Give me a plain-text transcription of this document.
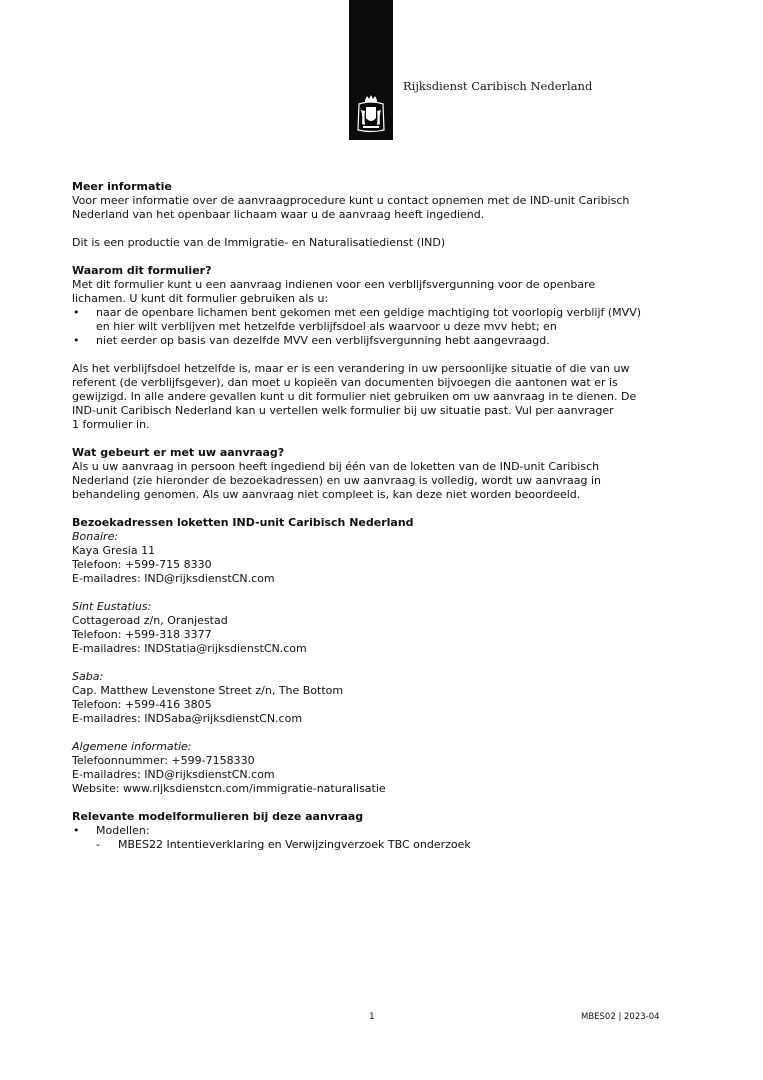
Rijksdienst Caribisch Nederland

Meer informatie

Voor meer informatie over de aanvraagprocedure kunt u contact opnemen met de IND-unit Caribisch

Nederland van het openbaar lichaam waar u de aanvraag heeft ingediend.

Dit is een productie van de Immigratie- en Naturalisatiedienst (IND)

Waarom dit formulier?

Met dit formulier kunt u een aanvraag indienen voor een verblijfsvergunning voor de openbare

lichamen. U kunt dit formulier gebruiken als u:

• naar de openbare lichamen bent gekomen met een geldige machtiging tot voorlopig verblijf (MVV)

en hier wilt verblijven met hetzelfde verblijfsdoel als waarvoor u deze mvv hebt; en

• niet eerder op basis van dezelfde MVV een verblijfsvergunning hebt aangevraagd.

Als het verblijfsdoel hetzelfde is, maar er is een verandering in uw persoonlijke situatie of die van uw

referent (de verblijfsgever), dan moet u kopieën van documenten bijvoegen die aantonen wat er is

gewijzigd. In alle andere gevallen kunt u dit formulier niet gebruiken om uw aanvraag in te dienen. De

IND-unit Caribisch Nederland kan u vertellen welk formulier bij uw situatie past. Vul per aanvrager

1 formulier in.

Wat gebeurt er met uw aanvraag?

Als u uw aanvraag in persoon heeft ingediend bij één van de loketten van de IND-unit Caribisch

Nederland (zie hieronder de bezoekadressen) en uw aanvraag is volledig, wordt uw aanvraag in

behandeling genomen. Als uw aanvraag niet compleet is, kan deze niet worden beoordeeld.

Bezoekadressen loketten IND-unit Caribisch Nederland

Bonaire:

Kaya Gresia 11

Telefoon: +599-715 8330

E-mailadres: IND@rijksdienstCN.com

Sint Eustatius:

Cottageroad z/n, Oranjestad

Telefoon: +599-318 3377

E-mailadres: INDStatia@rijksdienstCN.com

Saba:

Cap. Matthew Levenstone Street z/n, The Bottom

Telefoon: +599-416 3805

E-mailadres: INDSaba@rijksdienstCN.com

Algemene informatie:

Telefoonnummer: +599-7158330

E-mailadres: IND@rijksdienstCN.com

Website: www.rijksdienstcn.com/immigratie-naturalisatie

Relevante modelformulieren bij deze aanvraag

• Modellen:

- MBES22 Intentieverklaring en Verwijzingverzoek TBC onderzoek

1	MBES02 | 2023-04
